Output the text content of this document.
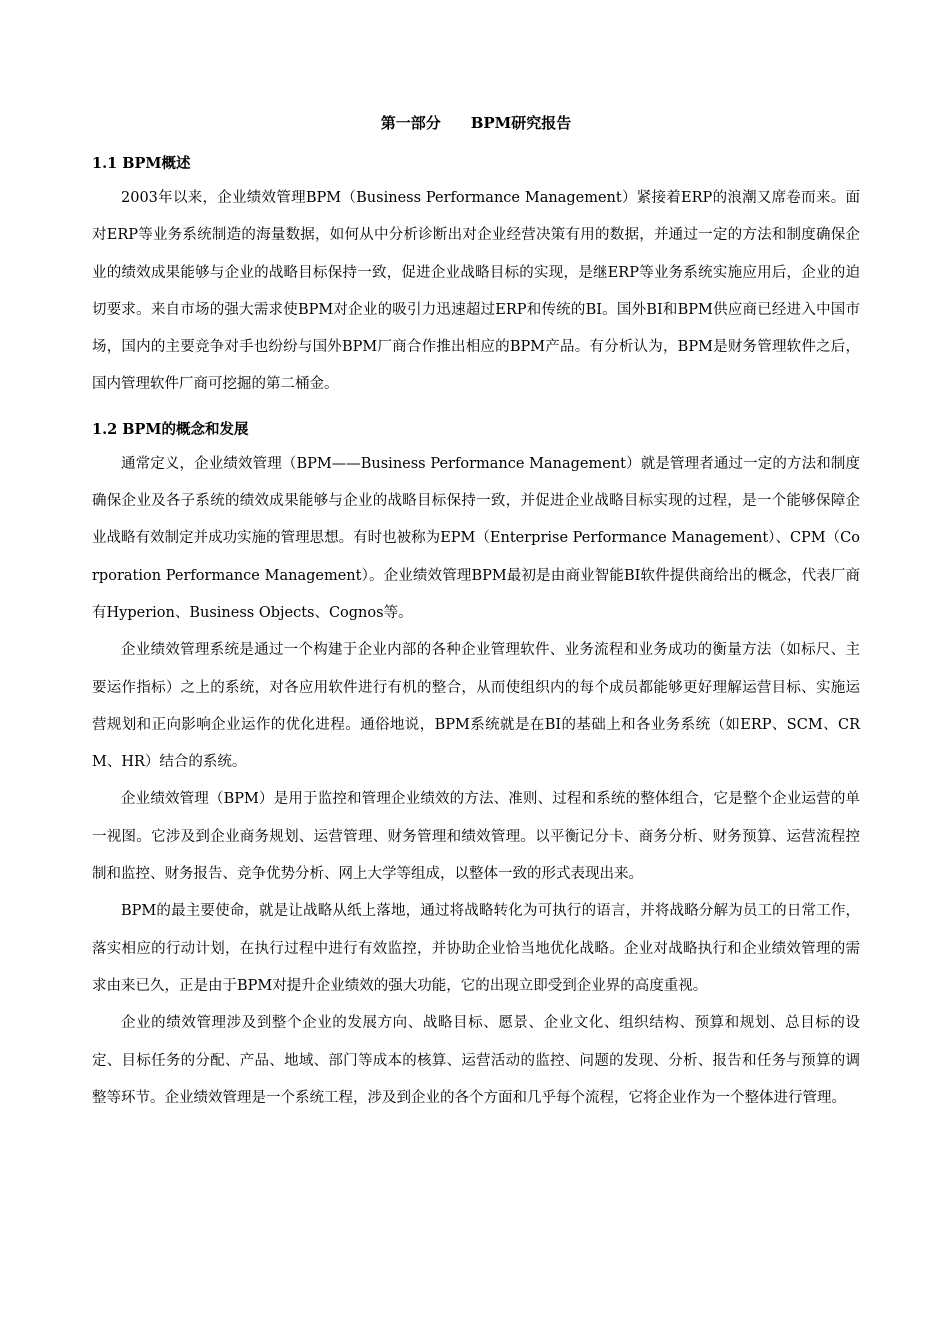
第一部分　　BPM研究报告
1.1 BPM概述

2003年以来，企业绩效管理BPM（Business Performance Management）紧接着ERP的浪潮又席卷而来。面对ERP等业务系统制造的海量数据，如何从中分析诊断出对企业经营决策有用的数据，并通过一定的方法和制度确保企业的绩效成果能够与企业的战略目标保持一致，促进企业战略目标的实现，是继ERP等业务系统实施应用后，企业的迫切要求。来自市场的强大需求使BPM对企业的吸引力迅速超过ERP和传统的BI。国外BI和BPM供应商已经进入中国市场，国内的主要竞争对手也纷纷与国外BPM厂商合作推出相应的BPM产品。有分析认为，BPM是财务管理软件之后，国内管理软件厂商可挖掘的第二桶金。

1.2 BPM的概念和发展

通常定义，企业绩效管理（BPM——Business Performance Management）就是管理者通过一定的方法和制度确保企业及各子系统的绩效成果能够与企业的战略目标保持一致，并促进企业战略目标实现的过程，是一个能够保障企业战略有效制定并成功实施的管理思想。有时也被称为EPM（Enterprise Performance Management）、CPM（Corporation Performance Management）。企业绩效管理BPM最初是由商业智能BI软件提供商给出的概念，代表厂商有Hyperion、Business Objects、Cognos等。

企业绩效管理系统是通过一个构建于企业内部的各种企业管理软件、业务流程和业务成功的衡量方法（如标尺、主要运作指标）之上的系统，对各应用软件进行有机的整合，从而使组织内的每个成员都能够更好理解运营目标、实施运营规划和正向影响企业运作的优化进程。通俗地说，BPM系统就是在BI的基础上和各业务系统（如ERP、SCM、CRM、HR）结合的系统。

企业绩效管理（BPM）是用于监控和管理企业绩效的方法、准则、过程和系统的整体组合，它是整个企业运营的单一视图。它涉及到企业商务规划、运营管理、财务管理和绩效管理。以平衡记分卡、商务分析、财务预算、运营流程控制和监控、财务报告、竞争优势分析、网上大学等组成，以整体一致的形式表现出来。

BPM的最主要使命，就是让战略从纸上落地，通过将战略转化为可执行的语言，并将战略分解为员工的日常工作，落实相应的行动计划，在执行过程中进行有效监控，并协助企业恰当地优化战略。企业对战略执行和企业绩效管理的需求由来已久，正是由于BPM对提升企业绩效的强大功能，它的出现立即受到企业界的高度重视。

企业的绩效管理涉及到整个企业的发展方向、战略目标、愿景、企业文化、组织结构、预算和规划、总目标的设定、目标任务的分配、产品、地域、部门等成本的核算、运营活动的监控、问题的发现、分析、报告和任务与预算的调整等环节。企业绩效管理是一个系统工程，涉及到企业的各个方面和几乎每个流程，它将企业作为一个整体进行管理。
